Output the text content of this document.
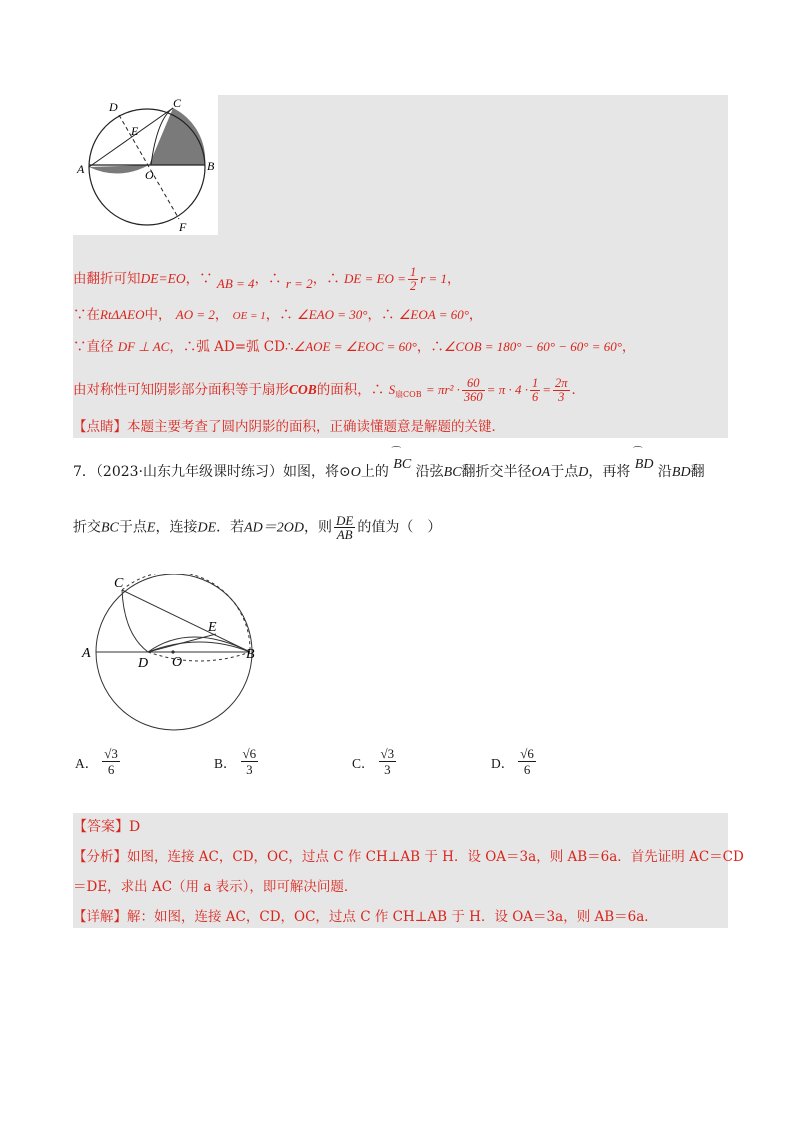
D	C
E
A	O
B
F
由翻折可知DE=EO，∵ AB = 4，∴ r = 2，∴ DE = EO = $\frac{1}{2}$ r = 1，
∵在RtΔAEO中， AO = 2， OE = 1，∴ ∠EAO = 30°，∴ ∠EOA = 60°，
∵直径 DF ⊥ AC，∴弧 AD=弧 CD∴∠AOE = ∠EOC = 60°，∴∠COB = 180° − 60° − 60° = 60°，
由对称性可知阴影部分面积等于扇形COB的面积，∴ $S_{扇COB} = \pi r^2 \cdot \frac{60}{360} = \pi \cdot 4 \cdot \frac{1}{6} = \frac{2\pi}{3}$ ．
【点睛】本题主要考查了圆内阴影的面积，正确读懂题意是解题的关键．
7．（2023·山东九年级课时练习）如图，将⊙O上的 ⌒ BC 沿弦BC翻折交半径OA于点D，再将 ⌒ BD 沿BD翻
折交BC于点E，连接DE．若AD＝2OD，则 $\frac{DE}{AB}$ 的值为（　）
C
E
A
D O
B
A． $\frac{√3}{6}$	B． $\frac{√6}{3}$	C． $\frac{√3}{3}$	D． $\frac{√6}{6}$
【答案】D
【分析】如图，连接 AC，CD，OC，过点 C 作 CH⊥AB 于 H．设 OA＝3a，则 AB＝6a．首先证明 AC＝CD
＝DE，求出 AC（用 a 表示），即可解决问题．
【详解】解：如图，连接 AC，CD，OC，过点 C 作 CH⊥AB 于 H．设 OA＝3a，则 AB＝6a．
